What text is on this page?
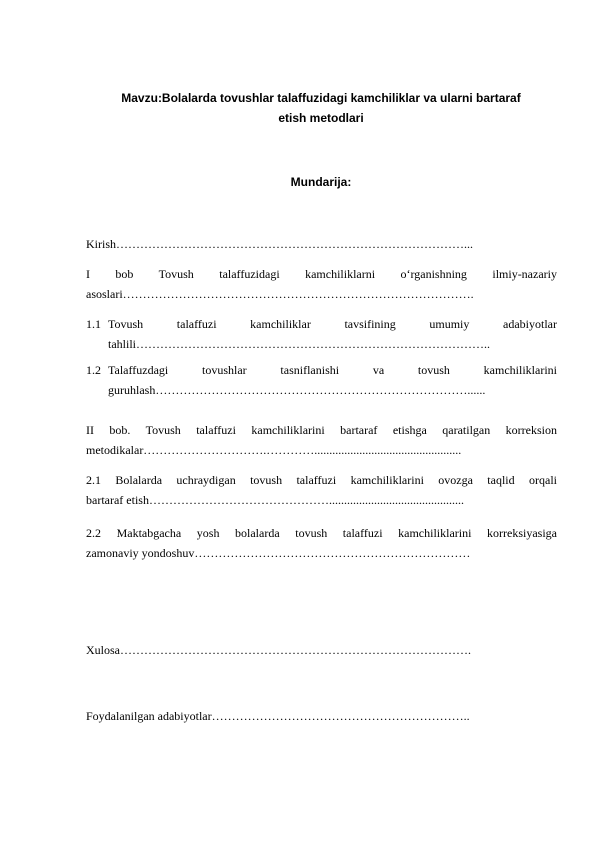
Mavzu:Bolalarda tovushlar talaffuzidagi kamchiliklar va ularni bartaraf
etish metodlari
Mundarija:
Kirish……………………………………………………………………………...
I bob Tovush talaffuzidagi kamchiliklarni o‘rganishning ilmiy-nazariy
asoslari…………………………………………………………………………….
1.1 Tovush talaffuzi kamchiliklar tavsifining umumiy adabiyotlar
tahlili……………………………………………………………………………..
1.2 Talaffuzdagi tovushlar tasniflanishi va tovush kamchiliklarini
guruhlash……………………………………………………………………......
II bob. Tovush talaffuzi kamchiliklarini bartaraf etishga qaratilgan korreksion
metodikalar………………………….………….................................................
2.1 Bolalarda uchraydigan tovush talaffuzi kamchiliklarini ovozga taqlid orqali
bartaraf etish……………………………………….............................................
2.2 Maktabgacha yosh bolalarda tovush talaffuzi kamchiliklarini korreksiyasiga
zamonaviy yondoshuv……………………………………………………………
Xulosa…………………………………………………………………………….
Foydalanilgan adabiyotlar………………………………………………………..
